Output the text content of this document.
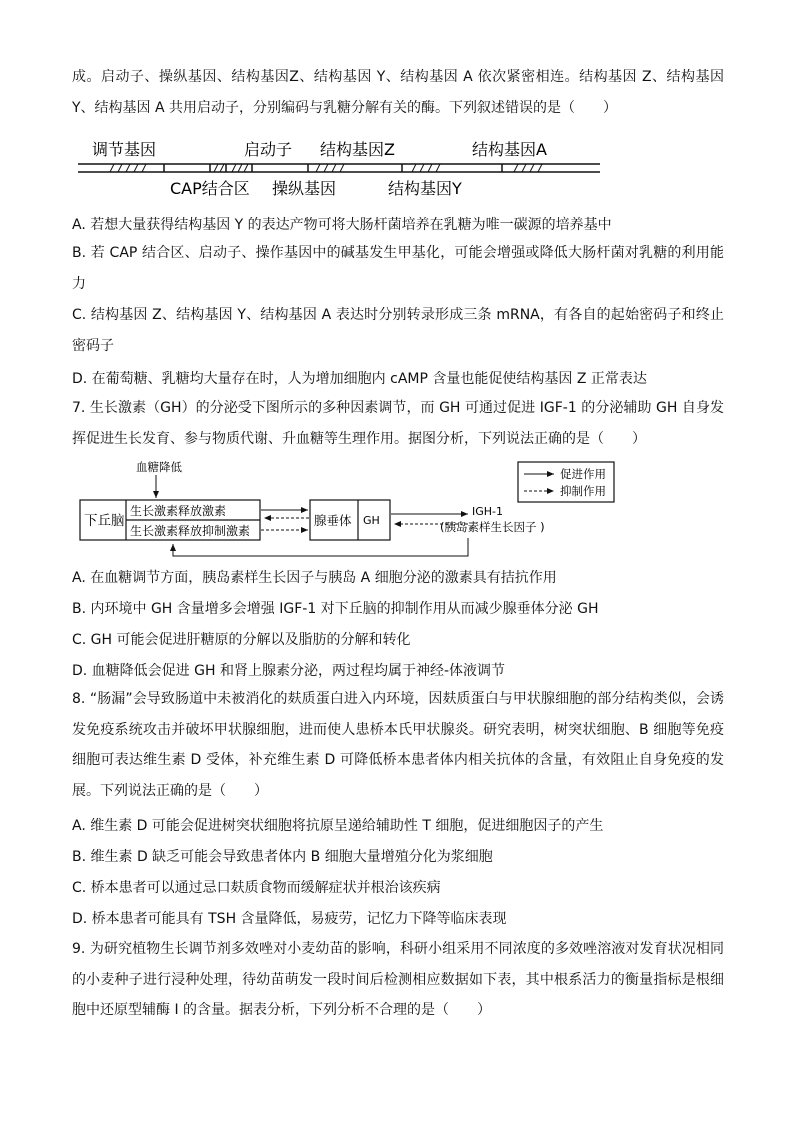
成。启动子、操纵基因、结构基因Z、结构基因 Y、结构基因 A 依次紧密相连。结构基因 Z、结构基因 Y、结构基因 A 共用启动子，分别编码与乳糖分解有关的酶。下列叙述错误的是（　　）
调节基因	启动子 结构基因Z	结构基因A
CAP结合区 操纵基因	结构基因Y
A. 若想大量获得结构基因 Y 的表达产物可将大肠杆菌培养在乳糖为唯一碳源的培养基中
B. 若 CAP 结合区、启动子、操作基因中的碱基发生甲基化，可能会增强或降低大肠杆菌对乳糖的利用能力
C. 结构基因 Z、结构基因 Y、结构基因 A 表达时分别转录形成三条 mRNA，有各自的起始密码子和终止密码子
D. 在葡萄糖、乳糖均大量存在时，人为增加细胞内 cAMP 含量也能促使结构基因 Z 正常表达
7. 生长激素（GH）的分泌受下图所示的多种因素调节，而 GH 可通过促进 IGF-1 的分泌辅助 GH 自身发挥促进生长发育、参与物质代谢、升血糖等生理作用。据图分析，下列说法正确的是（　　）
血糖降低
下丘脑
生长激素释放激素
生长激素释放抑制激素
腺垂体 GH
IGH-1
(胰岛素样生长因子 )
促进作用
抑制作用
A. 在血糖调节方面，胰岛素样生长因子与胰岛 A 细胞分泌的激素具有拮抗作用
B. 内环境中 GH 含量增多会增强 IGF-1 对下丘脑的抑制作用从而减少腺垂体分泌 GH
C. GH 可能会促进肝糖原的分解以及脂肪的分解和转化
D. 血糖降低会促进 GH 和肾上腺素分泌，两过程均属于神经-体液调节
8. “肠漏”会导致肠道中未被消化的麸质蛋白进入内环境，因麸质蛋白与甲状腺细胞的部分结构类似，会诱发免疫系统攻击并破坏甲状腺细胞，进而使人患桥本氏甲状腺炎。研究表明，树突状细胞、B 细胞等免疫细胞可表达维生素 D 受体，补充维生素 D 可降低桥本患者体内相关抗体的含量，有效阻止自身免疫的发展。下列说法正确的是（　　）
A. 维生素 D 可能会促进树突状细胞将抗原呈递给辅助性 T 细胞，促进细胞因子的产生
B. 维生素 D 缺乏可能会导致患者体内 B 细胞大量增殖分化为浆细胞
C. 桥本患者可以通过忌口麸质食物而缓解症状并根治该疾病
D. 桥本患者可能具有 TSH 含量降低，易疲劳，记忆力下降等临床表现
9. 为研究植物生长调节剂多效唑对小麦幼苗的影响，科研小组采用不同浓度的多效唑溶液对发育状况相同的小麦种子进行浸种处理，待幼苗萌发一段时间后检测相应数据如下表，其中根系活力的衡量指标是根细胞中还原型辅酶 I 的含量。据表分析，下列分析不合理的是（　　）
